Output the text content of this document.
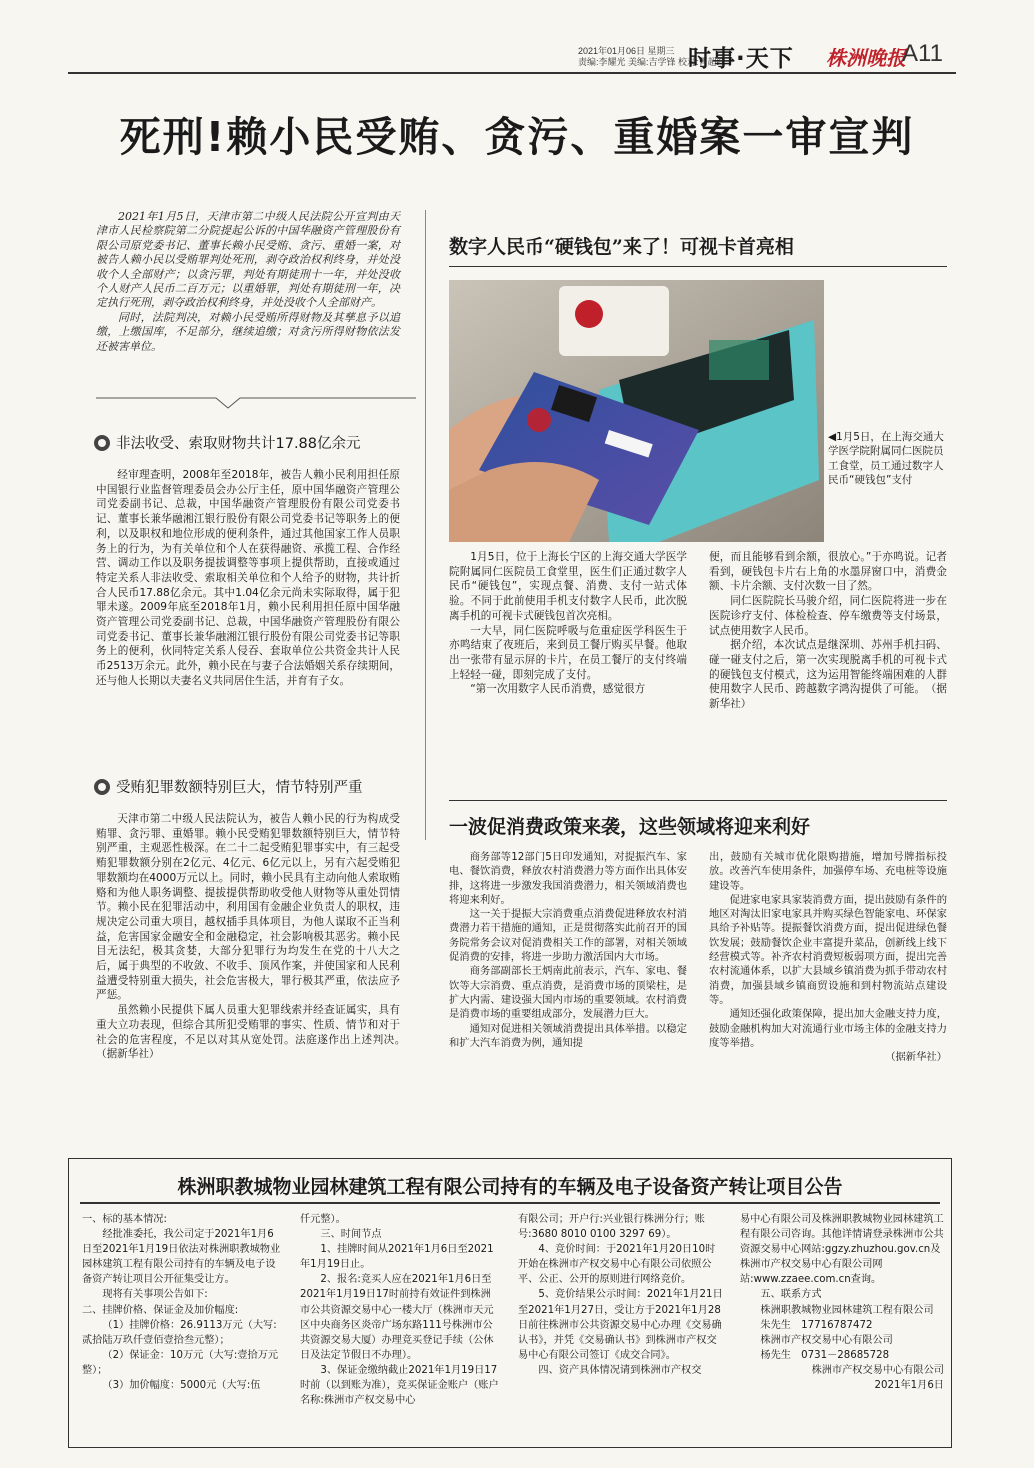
2021年01月06日 星期三
责编:李耀光 美编:吉学锋 校对:曹超红
时事·天下 株洲晚报
A11
死刑!赖小民受贿、贪污、重婚案一审宣判

2021年1月5日，天津市第二中级人民法院公开宣判由天津市人民检察院第二分院提起公诉的中国华融资产管理股份有限公司原党委书记、董事长赖小民受贿、贪污、重婚一案，对被告人赖小民以受贿罪判处死刑，剥夺政治权利终身，并处没收个人全部财产；以贪污罪，判处有期徒刑十一年，并处没收个人财产人民币二百万元；以重婚罪，判处有期徒刑一年，决定执行死刑，剥夺政治权利终身，并处没收个人全部财产。

同时，法院判决，对赖小民受贿所得财物及其孳息予以追缴，上缴国库，不足部分，继续追缴；对贪污所得财物依法发还被害单位。

非法收受、索取财物共计17.88亿余元

经审理查明，2008年至2018年，被告人赖小民利用担任原中国银行业监督管理委员会办公厅主任，原中国华融资产管理公司党委副书记、总裁，中国华融资产管理股份有限公司党委书记、董事长兼华融湘江银行股份有限公司党委书记等职务上的便利，以及职权和地位形成的便利条件，通过其他国家工作人员职务上的行为，为有关单位和个人在获得融资、承揽工程、合作经营、调动工作以及职务提拔调整等事项上提供帮助，直接或通过特定关系人非法收受、索取相关单位和个人给予的财物，共计折合人民币17.88亿余元。其中1.04亿余元尚未实际取得，属于犯罪未遂。2009年底至2018年1月，赖小民利用担任原中国华融资产管理公司党委副书记、总裁，中国华融资产管理股份有限公司党委书记、董事长兼华融湘江银行股份有限公司党委书记等职务上的便利，伙同特定关系人侵吞、套取单位公共资金共计人民币2513万余元。此外，赖小民在与妻子合法婚姻关系存续期间，还与他人长期以夫妻名义共同居住生活，并育有子女。

受贿犯罪数额特别巨大，情节特别严重

天津市第二中级人民法院认为，被告人赖小民的行为构成受贿罪、贪污罪、重婚罪。赖小民受贿犯罪数额特别巨大，情节特别严重，主观恶性极深。在二十二起受贿犯罪事实中，有三起受贿犯罪数额分别在2亿元、4亿元、6亿元以上，另有六起受贿犯罪数额均在4000万元以上。同时，赖小民具有主动向他人索取贿赂和为他人职务调整、提拔提供帮助收受他人财物等从重处罚情节。赖小民在犯罪活动中，利用国有金融企业负责人的职权，违规决定公司重大项目，越权插手具体项目，为他人谋取不正当利益，危害国家金融安全和金融稳定，社会影响极其恶劣。赖小民目无法纪，极其贪婪，大部分犯罪行为均发生在党的十八大之后，属于典型的不收敛、不收手、顶风作案，并使国家和人民利益遭受特别重大损失，社会危害极大，罪行极其严重，依法应予严惩。

虽然赖小民提供下属人员重大犯罪线索并经查证属实，具有重大立功表现，但综合其所犯受贿罪的事实、性质、情节和对于社会的危害程度，不足以对其从宽处罚。法庭遂作出上述判决。　　（据新华社）

数字人民币“硬钱包”来了！可视卡首亮相
◀1月5日，在上海交通大学医学院附属同仁医院员工食堂，员工通过数字人民币“硬钱包”支付

1月5日，位于上海长宁区的上海交通大学医学院附属同仁医院员工食堂里，医生们正通过数字人民币“硬钱包”，实现点餐、消费、支付一站式体验。不同于此前使用手机支付数字人民币，此次脱离手机的可视卡式硬钱包首次亮相。

一大早，同仁医院呼吸与危重症医学科医生于亦鸣结束了夜班后，来到员工餐厅购买早餐。他取出一张带有显示屏的卡片，在员工餐厅的支付终端上轻轻一碰，即刻完成了支付。

“第一次用数字人民币消费，感觉很方

便，而且能够看到余额，很放心。”于亦鸣说。记者看到，硬钱包卡片右上角的水墨屏窗口中，消费金额、卡片余额、支付次数一目了然。

同仁医院院长马骏介绍，同仁医院将进一步在医院诊疗支付、体检检查、停车缴费等支付场景，试点使用数字人民币。

据介绍，本次试点是继深圳、苏州手机扫码、碰一碰支付之后，第一次实现脱离手机的可视卡式的硬钱包支付模式，这为运用智能终端困难的人群使用数字人民币、跨越数字鸿沟提供了可能。　（据新华社）

一波促消费政策来袭，这些领域将迎来利好

商务部等12部门5日印发通知，对提振汽车、家电、餐饮消费，释放农村消费潜力等方面作出具体安排，这将进一步激发我国消费潜力，相关领域消费也将迎来利好。

这一关于提振大宗消费重点消费促进释放农村消费潜力若干措施的通知，正是贯彻落实此前召开的国务院常务会议对促消费相关工作的部署，对相关领域促消费的安排，将进一步助力激活国内大市场。

商务部副部长王炳南此前表示，汽车、家电、餐饮等大宗消费、重点消费，是消费市场的顶梁柱，是扩大内需、建设强大国内市场的重要领域。农村消费是消费市场的重要组成部分，发展潜力巨大。

通知对促进相关领域消费提出具体举措。以稳定和扩大汽车消费为例，通知提

出，鼓励有关城市优化限购措施，增加号牌指标投放。改善汽车使用条件，加强停车场、充电桩等设施建设等。

促进家电家具家装消费方面，提出鼓励有条件的地区对淘汰旧家电家具并购买绿色智能家电、环保家具给予补贴等。提振餐饮消费方面，提出促进绿色餐饮发展；鼓励餐饮企业丰富提升菜品，创新线上线下经营模式等。补齐农村消费短板弱项方面，提出完善农村流通体系，以扩大县域乡镇消费为抓手带动农村消费，加强县域乡镇商贸设施和到村物流站点建设等。

通知还强化政策保障，提出加大金融支持力度，鼓励金融机构加大对流通行业市场主体的金融支持力度等举措。

（据新华社）

株洲职教城物业园林建筑工程有限公司持有的车辆及电子设备资产转让项目公告

一、标的基本情况:

经批准委托，我公司定于2021年1月6日至2021年1月19日依法对株洲职教城物业园林建筑工程有限公司持有的车辆及电子设备资产转让项目公开征集受让方。

现将有关事项公告如下:

二、挂牌价格、保证金及加价幅度:

（1）挂牌价格：26.9113万元（大写:贰拾陆万玖仟壹佰壹拾叁元整）；

（2）保证金：10万元（大写:壹拾万元整）；

（3）加价幅度：5000元（大写:伍

仟元整）。

三、时间节点

1、挂牌时间从2021年1月6日至2021年1月19日止。

2、报名:竞买人应在2021年1月6日至2021年1月19日17时前持有效证件到株洲市公共资源交易中心一楼大厅（株洲市天元区中央商务区炎帝广场东路111号株洲市公共资源交易大厦）办理竞买登记手续（公休日及法定节假日不办理）。

3、保证金缴纳截止2021年1月19日17时前（以到账为准），竞买保证金账户（账户名称:株洲市产权交易中心

有限公司；开户行:兴业银行株洲分行；账号:3680 8010 0100 3297 69）。

4、竞价时间：于2021年1月20日10时开始在株洲市产权交易中心有限公司依照公平、公正、公开的原则进行网络竞价。

5、竞价结果公示时间：2021年1月21日至2021年1月27日，受让方于2021年1月28日前往株洲市公共资源交易中心办理《交易确认书》，并凭《交易确认书》到株洲市产权交易中心有限公司签订《成交合同》。

四、资产具体情况请到株洲市产权交

易中心有限公司及株洲职教城物业园林建筑工程有限公司咨询。其他详情请登录株洲市公共资源交易中心网站:ggzy.zhuzhou.gov.cn及株洲市产权交易中心有限公司网站:www.zzaee.com.cn查询。

五、联系方式

株洲职教城物业园林建筑工程有限公司

朱先生　17716787472

株洲市产权交易中心有限公司

杨先生　0731－28685728

株洲市产权交易中心有限公司

2021年1月6日
